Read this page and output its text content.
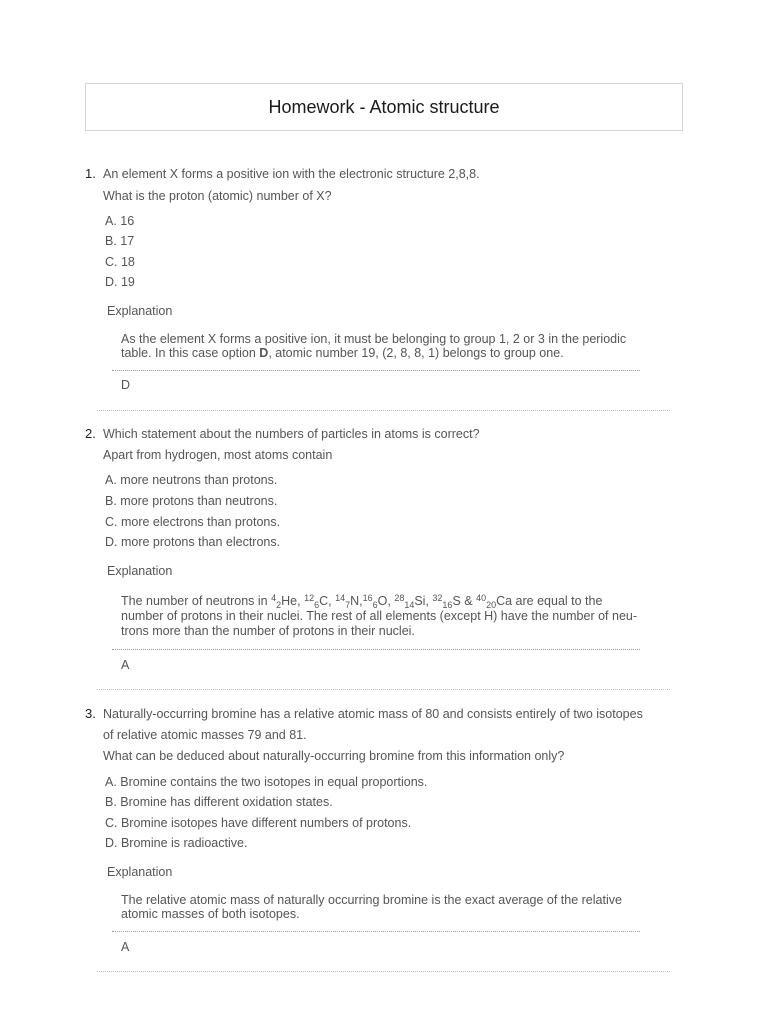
Homework - Atomic structure
1. An element X forms a positive ion with the electronic structure 2,8,8.
What is the proton (atomic) number of X?
A. 16
B. 17
C. 18
D. 19
Explanation
As the element X forms a positive ion, it must be belonging to group 1, 2 or 3 in the periodic
table. In this case option D, atomic number 19, (2, 8, 8, 1) belongs to group one.
D
2. Which statement about the numbers of particles in atoms is correct?
Apart from hydrogen, most atoms contain
A. more neutrons than protons.
B. more protons than neutrons.
C. more electrons than protons.
D. more protons than electrons.
Explanation
The number of neutrons in $^4_2$He, $^{12}_6$C, $^{14}_7$N,$^{16}_6$O, $^{28}_{14}$Si, $^{32}_{16}$S & $^{40}_{20}$Ca are equal to the
number of protons in their nuclei. The rest of all elements (except H) have the number of neu-
trons more than the number of protons in their nuclei.
A
3. Naturally-occurring bromine has a relative atomic mass of 80 and consists entirely of two isotopes
of relative atomic masses 79 and 81.
What can be deduced about naturally-occurring bromine from this information only?
A. Bromine contains the two isotopes in equal proportions.
B. Bromine has different oxidation states.
C. Bromine isotopes have different numbers of protons.
D. Bromine is radioactive.
Explanation
The relative atomic mass of naturally occurring bromine is the exact average of the relative
atomic masses of both isotopes.
A
